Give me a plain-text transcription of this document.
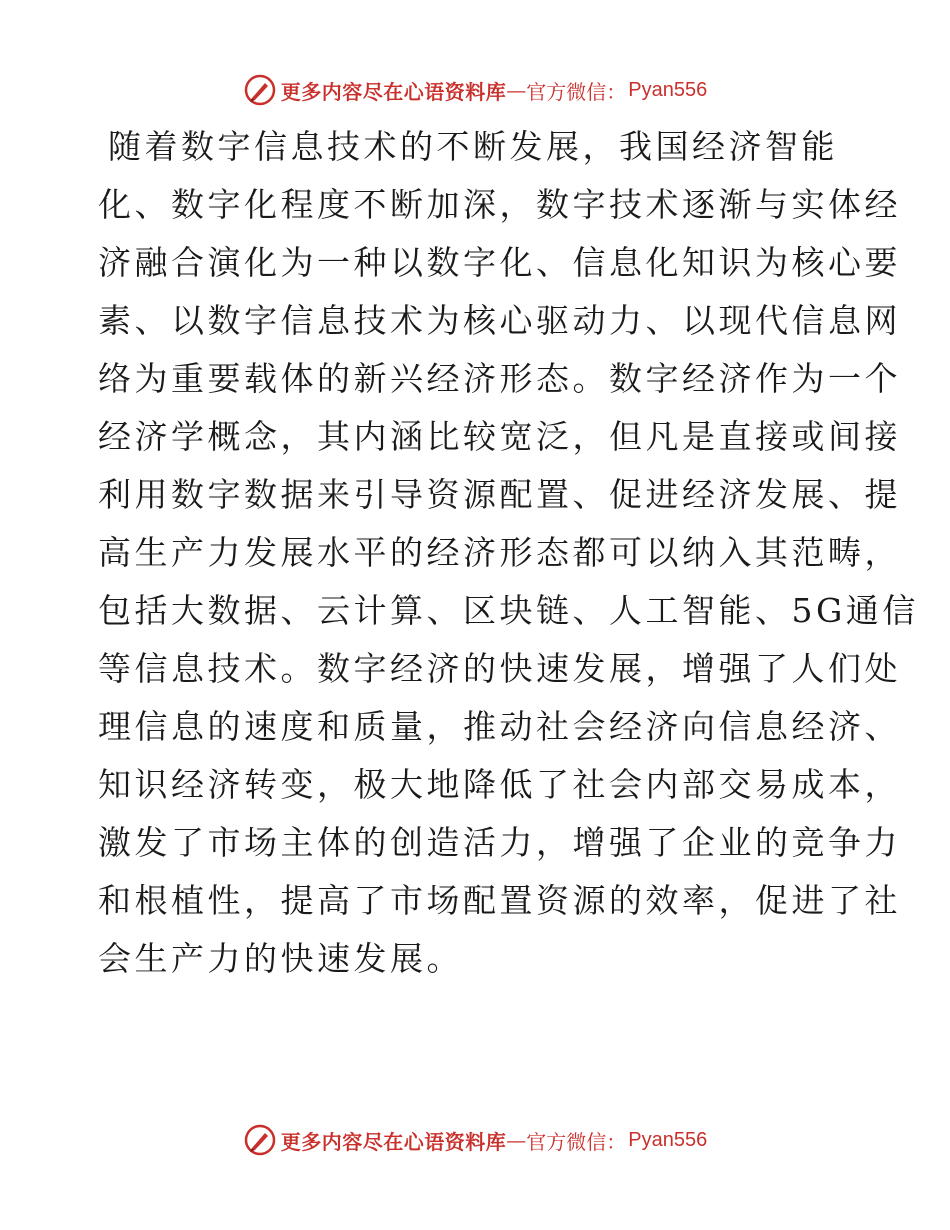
更多内容尽在心语资料库 — 官方微信： Pyan556
随着数字信息技术的不断发展，我国经济智能
化、数字化程度不断加深，数字技术逐渐与实体经
济融合演化为一种以数字化、信息化知识为核心要
素、以数字信息技术为核心驱动力、以现代信息网
络为重要载体的新兴经济形态。数字经济作为一个
经济学概念，其内涵比较宽泛，但凡是直接或间接
利用数字数据来引导资源配置、促进经济发展、提
高生产力发展水平的经济形态都可以纳入其范畴，
包括大数据、云计算、区块链、人工智能、5G通信
等信息技术。数字经济的快速发展，增强了人们处
理信息的速度和质量，推动社会经济向信息经济、
知识经济转变，极大地降低了社会内部交易成本，
激发了市场主体的创造活力，增强了企业的竞争力
和根植性，提高了市场配置资源的效率，促进了社
会生产力的快速发展。
更多内容尽在心语资料库 — 官方微信： Pyan556
